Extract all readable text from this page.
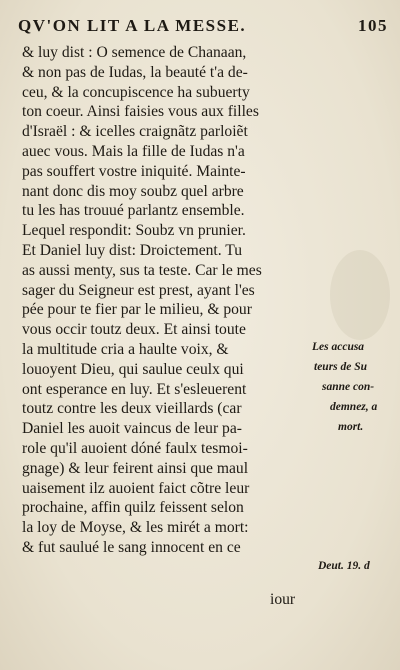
QV'ON LIT A LA MESSE.	105
& luy dist : O semence de Chanaan,
& non pas de Iudas, la beauté t'a de-
ceu, & la concupiscence ha subuerty
ton coeur. Ainsi faisies vous aux filles
d'Israël : & icelles craignãtz parloiẽt
auec vous. Mais la fille de Iudas n'a
pas souffert vostre iniquité. Mainte-
nant donc dis moy soubz quel arbre
tu les has trouué parlantz ensemble.
Lequel respondit: Soubz vn prunier.
Et Daniel luy dist: Droictement. Tu
as aussi menty, sus ta teste. Car le mes
sager du Seigneur est prest, ayant l'es
pée pour te fier par le milieu, & pour
vous occir toutz deux. Et ainsi toute
la multitude cria a haulte voix, &
louoyent Dieu, qui saulue ceulx qui
ont esperance en luy. Et s'esleuerent
toutz contre les deux vieillards (car
Daniel les auoit vaincus de leur pa-
role qu'il auoient dóné faulx tesmoi-
gnage) & leur feirent ainsi que maul
uaisement ilz auoient faict cõtre leur
prochaine, affin quilz feissent selon
la loy de Moyse, & les mirét a mort:
& fut saulué le sang innocent en ce
iour
Les accusa
teurs de Su
sanne con-
demnez, a
mort.
Deut. 19. d
